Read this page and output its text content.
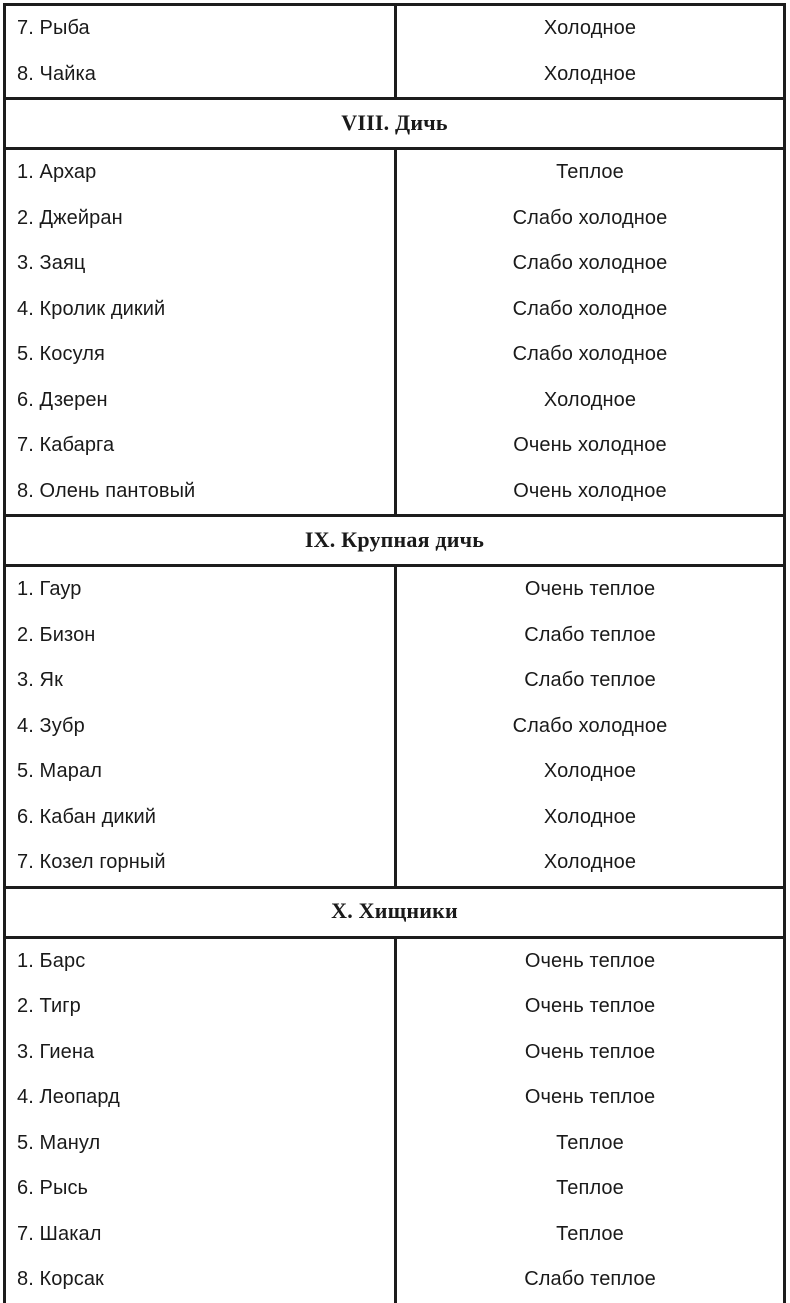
7. Рыба	Холодное
8. Чайка	Холодное
VIII. Дичь	
1. Архар	Теплое
2. Джейран	Слабо холодное
3. Заяц	Слабо холодное
4. Кролик дикий	Слабо холодное
5. Косуля	Слабо холодное
6. Дзерен	Холодное
7. Кабарга	Очень холодное
8. Олень пантовый	Очень холодное
IX. Крупная дичь	
1. Гаур	Очень теплое
2. Бизон	Слабо теплое
3. Як	Слабо теплое
4. Зубр	Слабо холодное
5. Марал	Холодное
6. Кабан дикий	Холодное
7. Козел горный	Холодное
X. Хищники	
1. Барс	Очень теплое
2. Тигр	Очень теплое
3. Гиена	Очень теплое
4. Леопард	Очень теплое
5. Манул	Теплое
6. Рысь	Теплое
7. Шакал	Теплое
8. Корсак	Слабо теплое
